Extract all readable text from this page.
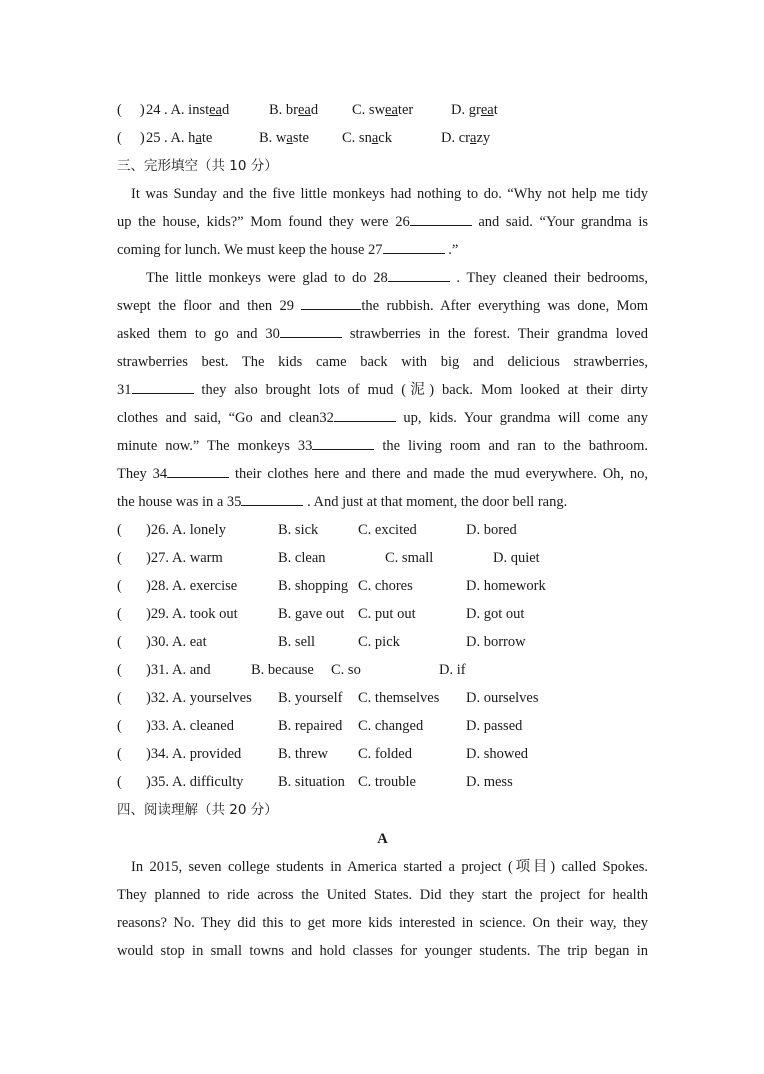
( ) 24 . A. instead	B. bread C. sweater	D. great
( ) 25 . A. hate	B. waste C. snack	D. crazy
三、完形填空（共 10 分）
It was Sunday and the five little monkeys had nothing to do. “Why not help me tidy
up the house, kids?” Mom found they were 26	and said. “Your grandma is
coming for lunch. We must keep the house 27	.”
The little monkeys were glad to do 28	. They cleaned their bedrooms,
swept the floor and then 29	the rubbish. After everything was done, Mom
asked them to go and 30	strawberries in the forest. Their grandma loved
strawberries best. The kids came back with big and delicious strawberries,
31	they also brought lots of mud (泥) back. Mom looked at their dirty
clothes and said, “Go and clean32	up, kids. Your grandma will come any
minute now.” The monkeys 33	the living room and ran to the bathroom.
They 34	their clothes here and there and made the mud everywhere. Oh, no,
the house was in a 35	. And just at that moment, the door bell rang.
( )26. A. lonely	B. sick	C. excited	D. bored
( )27. A. warm	B. clean	C. small	D. quiet
( )28. A. exercise	B. shopping C. chores	D. homework
( )29. A. took out	B. gave out C. put out	D. got out
( )30. A. eat	B. sell	C. pick	D. borrow
( )31. A. and	B. because C. so	D. if
( )32. A. yourselves B. yourself C. themselves D. ourselves
( )33. A. cleaned	B. repaired C. changed	D. passed
( )34. A. provided	B. threw C. folded	D. showed
( )35. A. difficulty B. situation C. trouble	D. mess
四、阅读理解（共 20 分）
A
In 2015, seven college students in America started a project (项目) called Spokes.
They planned to ride across the United States. Did they start the project for health
reasons? No. They did this to get more kids interested in science. On their way, they
would stop in small towns and hold classes for younger students. The trip began in
